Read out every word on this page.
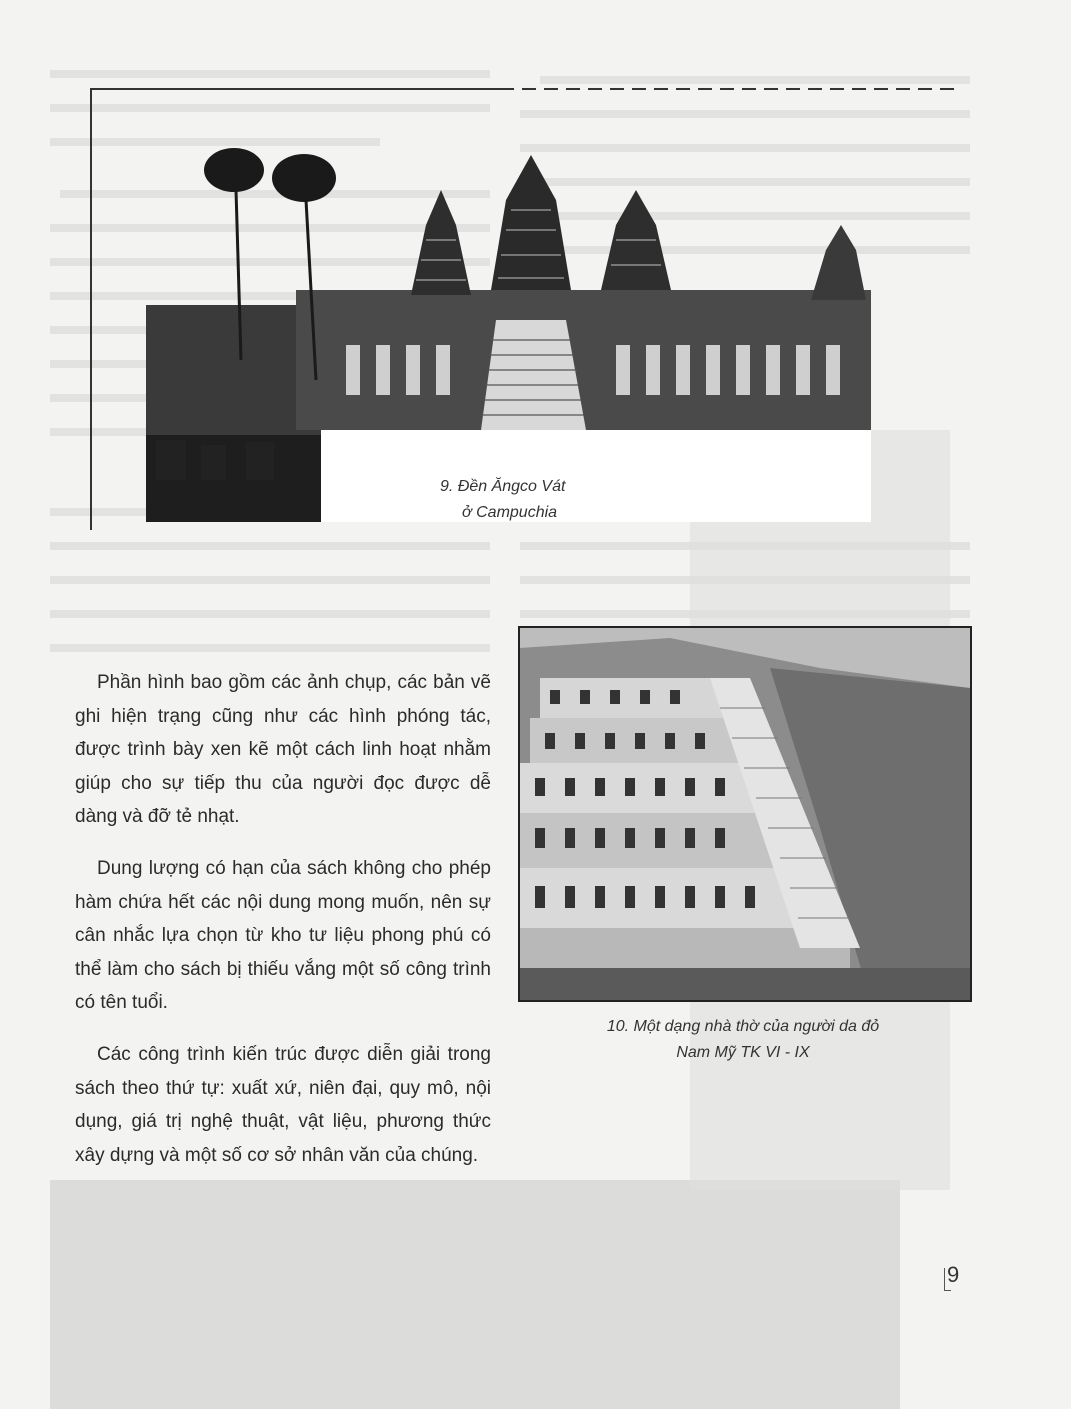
9. Đền Ăngco Vát
ở Campuchia
10. Một dạng nhà thờ của người da đỏ
Nam Mỹ TK VI - IX

Phần hình bao gồm các ảnh chụp, các bản vẽ ghi hiện trạng cũng như các hình phóng tác, được trình bày xen kẽ một cách linh hoạt nhằm giúp cho sự tiếp thu của người đọc được dễ dàng và đỡ tẻ nhạt.

Dung lượng có hạn của sách không cho phép hàm chứa hết các nội dung mong muốn, nên sự cân nhắc lựa chọn từ kho tư liệu phong phú có thể làm cho sách bị thiếu vắng một số công trình có tên tuổi.

Các công trình kiến trúc được diễn giải trong sách theo thứ tự: xuất xứ, niên đại, quy mô, nội dụng, giá trị nghệ thuật, vật liệu, phương thức xây dựng và một số cơ sở nhân văn của chúng.

9
